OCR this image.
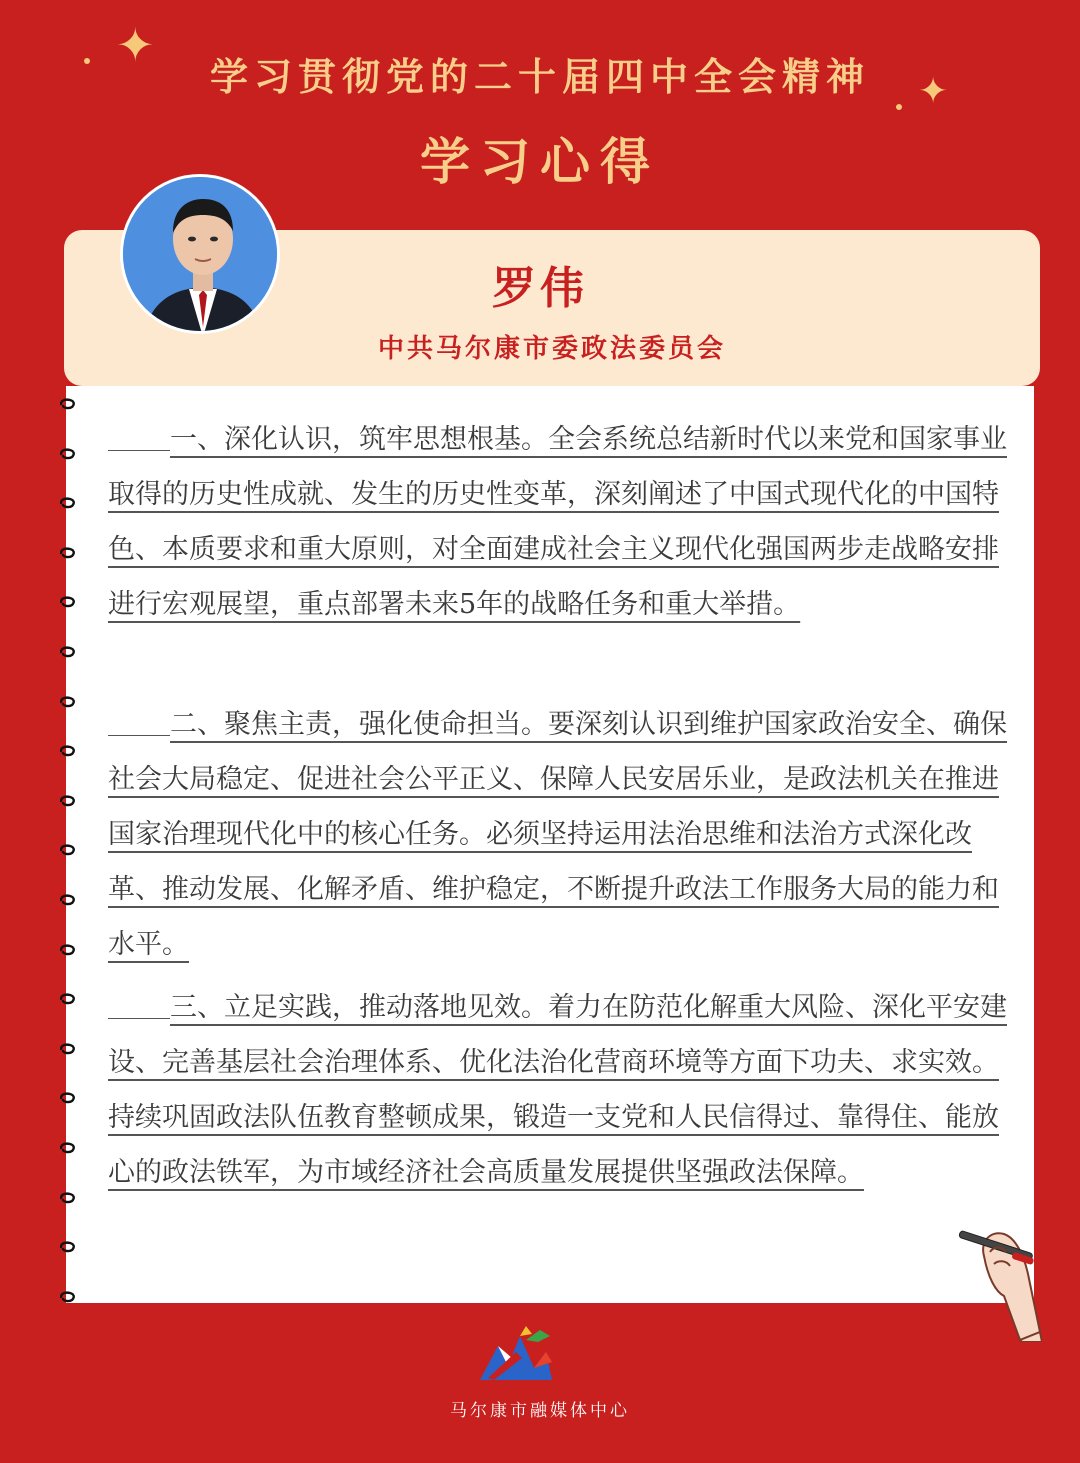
✦
✦
学习贯彻党的二十届四中全会精神
学习心得
罗伟
中共马尔康市委政法委员会
一、深化认识，筑牢思想根基。全会系统总结新时代以来党和国家事业取得的历史性成就、发生的历史性变革，深刻阐述了中国式现代化的中国特色、本质要求和重大原则，对全面建成社会主义现代化强国两步走战略安排进行宏观展望，重点部署未来5年的战略任务和重大举措。
二、聚焦主责，强化使命担当。要深刻认识到维护国家政治安全、确保社会大局稳定、促进社会公平正义、保障人民安居乐业，是政法机关在推进国家治理现代化中的核心任务。必须坚持运用法治思维和法治方式深化改革、推动发展、化解矛盾、维护稳定，不断提升政法工作服务大局的能力和水平。
三、立足实践，推动落地见效。着力在防范化解重大风险、深化平安建设、完善基层社会治理体系、优化法治化营商环境等方面下功夫、求实效。持续巩固政法队伍教育整顿成果，锻造一支党和人民信得过、靠得住、能放心的政法铁军，为市域经济社会高质量发展提供坚强政法保障。
马尔康市融媒体中心
